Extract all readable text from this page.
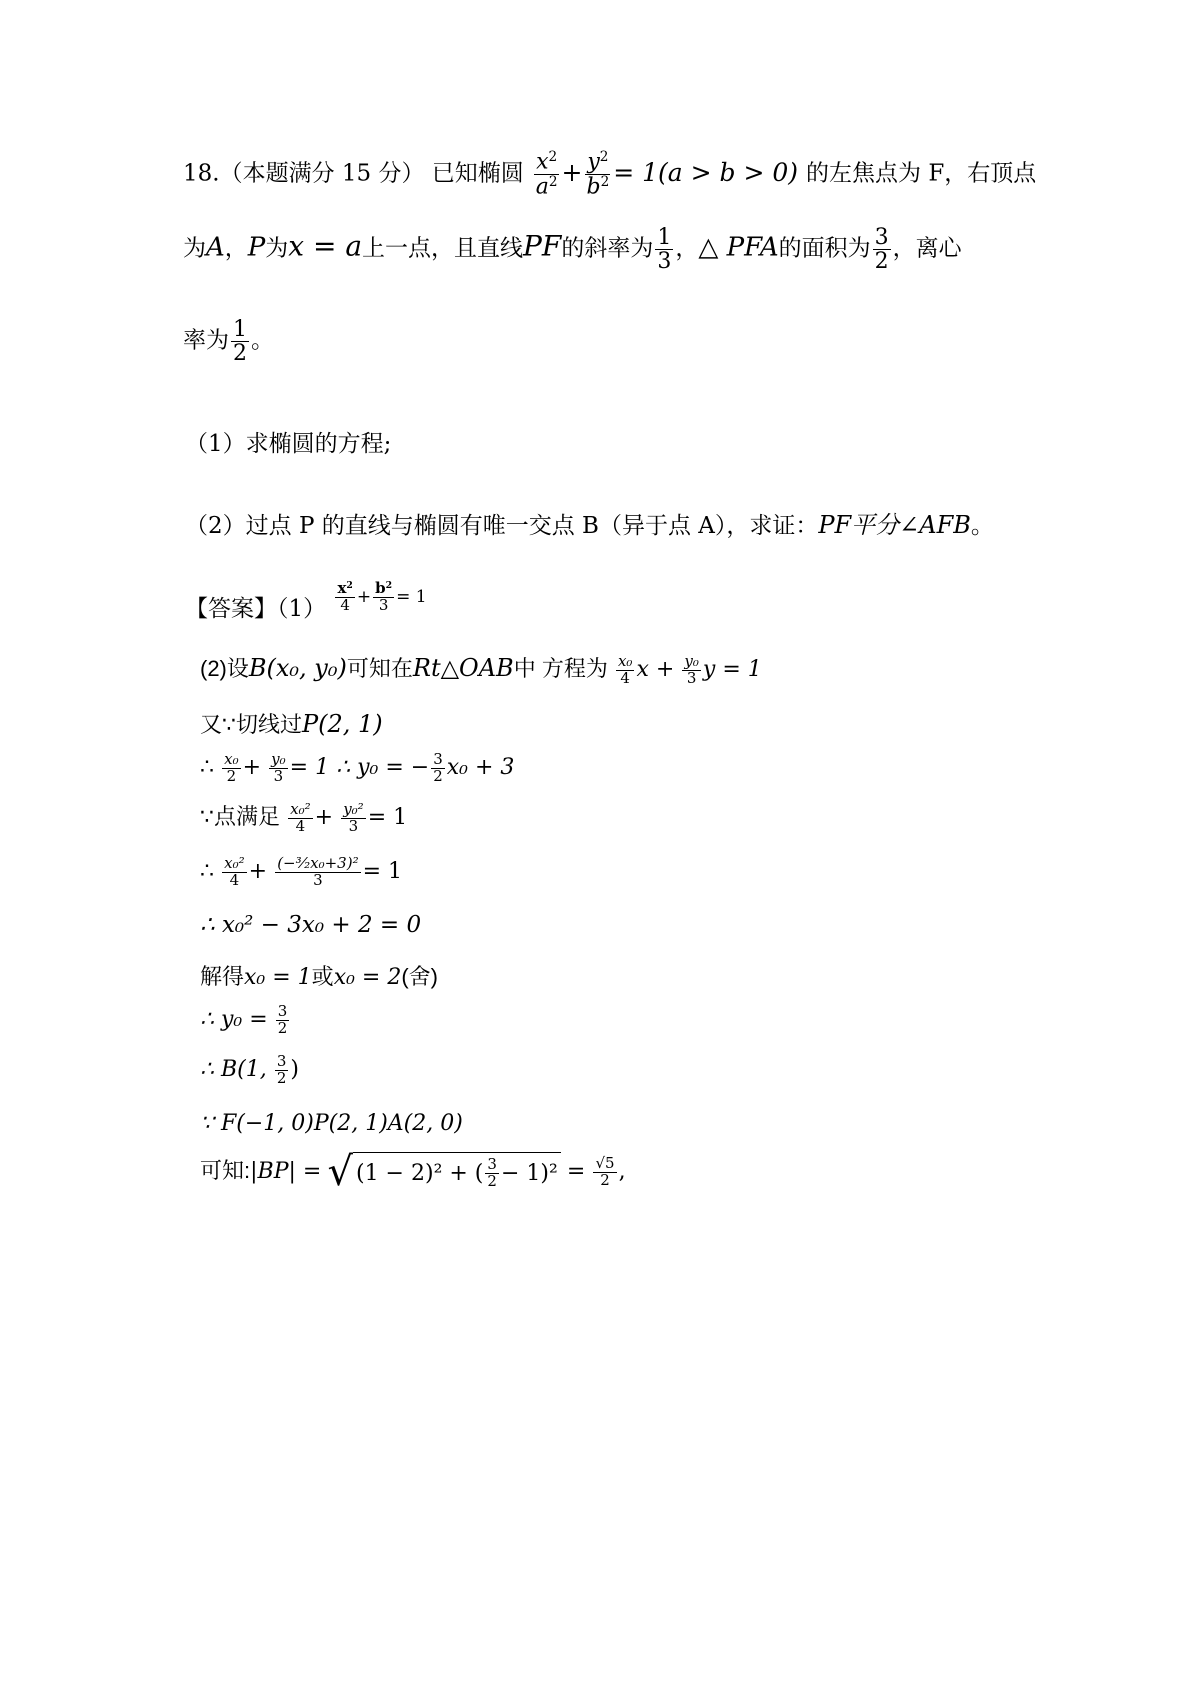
18.（本题满分 15 分） 已知椭圆 $\frac{x^2}{a^2} + \frac{y^2}{b^2} = 1(a > b > 0)$ 的左焦点为 F，右顶点
为A，P为x = a上一点，且直线PF的斜率为 $\frac{1}{3}$ ，△ PFA的面积为 $\frac{3}{2}$ ，离心
率为 $\frac{1}{2}$ 。
（1）求椭圆的方程;
（2）过点 P 的直线与椭圆有唯一交点 B（异于点 A），求证：PF平分∠AFB。
【答案】（1） $^{\frac{x^2}{4} + \frac{b^2}{3} = 1}$
(2)设B(x₀, y₀)可知在Rt△OAB中 方程为 $\frac{\text{x₀}}{4}$ $x + \frac{\text{y₀}}{3}$ y = 1
又∵切线过P(2, 1)
∴ $\frac{\text{x₀}}{2} + \frac{\text{y₀}}{3} = 1$ ∴ y₀ = − $\frac{3}{2} x_0 + 3$
∵点满足 $\frac{\text{x₀²}}{4} + \frac{\text{y₀²}}{3} = 1$
∴ $\frac{\text{x₀²}}{4} + \frac{\text{(−³⁄₂x₀+3)²}}{3} = 1$
∴ x₀² − 3x₀ + 2 = 0
解得x₀ = 1或x₀ = 2(舍)
∴ $y_0 = \frac{3}{2}$
∴ B(1, $\frac{3}{2}$ )
∵ F(−1, 0)P(2, 1)A(2, 0)
可知:|BP| = √ (1 − 2)² + ( $\frac{3}{2} - 1)^2 = \frac{√5}{2}$ ,
